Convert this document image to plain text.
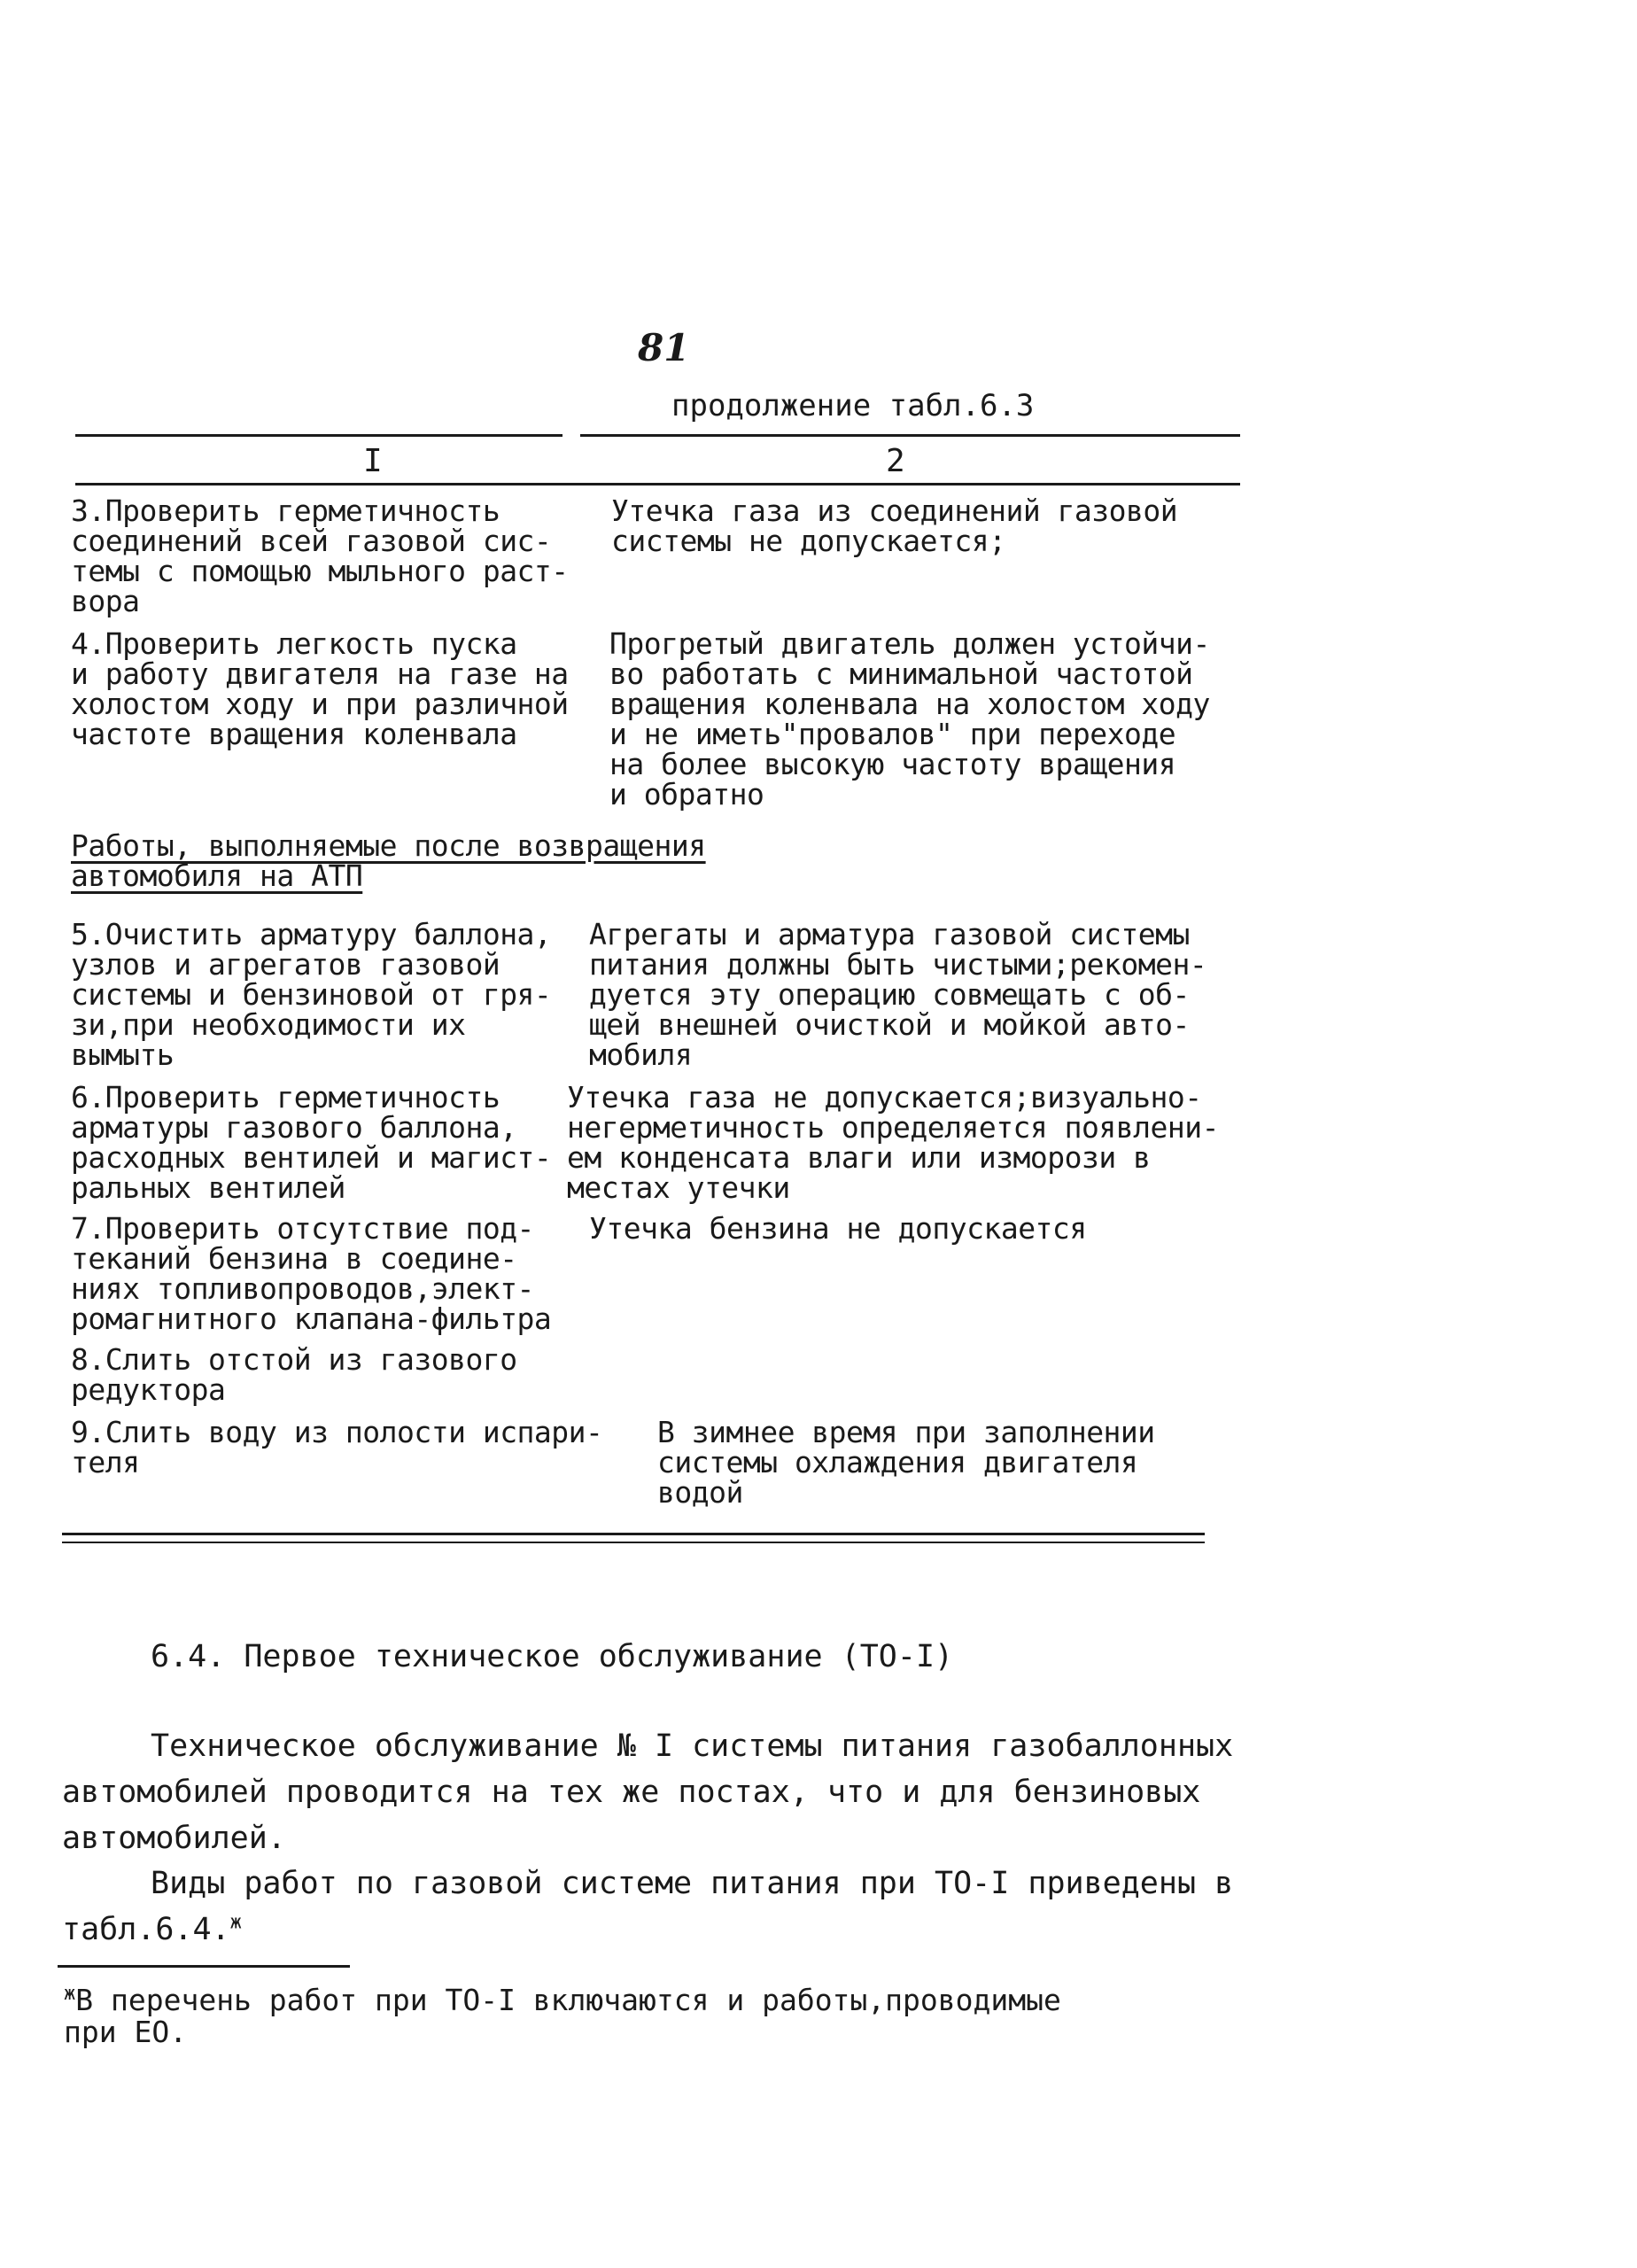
81
продолжение табл.6.3
I	2
3.Проверить герметичность
соединений всей газовой сис-
темы с помощью мыльного раст-
вора
Утечка газа из соединений газовой
системы не допускается;
4.Проверить легкость пуска
и работу двигателя на газе на
холостом ходу и при различной
частоте вращения коленвала
Прогретый двигатель должен устойчи-
во работать с минимальной частотой
вращения коленвала на холостом ходу
и не иметь"провалов" при переходе
на более высокую частоту вращения
и обратно
Работы, выполняемые после возвращения
автомобиля на АТП
5.Очистить арматуру баллона,
узлов и агрегатов газовой
системы и бензиновой от гря-
зи,при необходимости их
вымыть
Агрегаты и арматура газовой системы
питания должны быть чистыми;рекомен-
дуется эту операцию совмещать с об-
щей внешней очисткой и мойкой авто-
мобиля
6.Проверить герметичность
арматуры газового баллона,
расходных вентилей и магист-
ральных вентилей
Утечка газа не допускается;визуально-
негерметичность определяется появлени-
ем конденсата влаги или изморози в
местах утечки
7.Проверить отсутствие под-
теканий бензина в соедине-
ниях топливопроводов,элект-
ромагнитного клапана-фильтра
Утечка бензина не допускается
8.Слить отстой из газового
редуктора
9.Слить воду из полости испари-
теля
В зимнее время при заполнении
системы охлаждения двигателя
водой
6.4. Первое техническое обслуживание (ТО-I)
Техническое обслуживание № I системы питания газобаллонных
автомобилей проводится на тех же постах, что и для бензиновых
автомобилей.
Виды работ по газовой системе питания при ТО-I приведены в
табл.6.4.$^ж$
$^ж$В перечень работ при ТО-I включаются и работы,проводимые
при ЕО.
